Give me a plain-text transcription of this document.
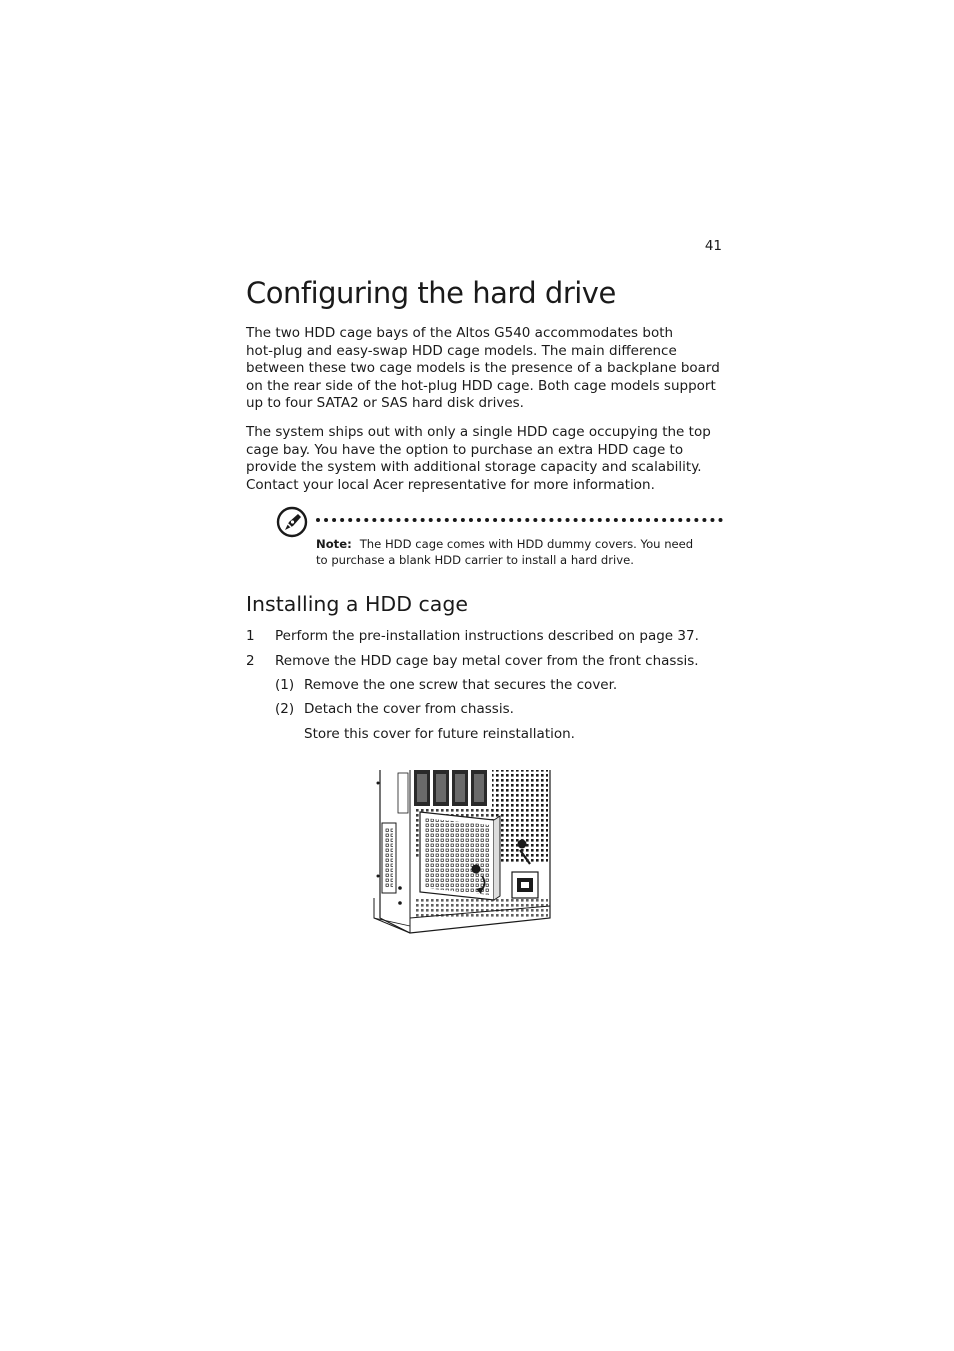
41
Configuring the hard drive

The two HDD cage bays of the Altos G540 accommodates both
hot-plug and easy-swap HDD cage models. The main difference
between these two cage models is the presence of a backplane board
on the rear side of the hot-plug HDD cage. Both cage models support
up to four SATA2 or SAS hard disk drives.

The system ships out with only a single HDD cage occupying the top
cage bay. You have the option to purchase an extra HDD cage to
provide the system with additional storage capacity and scalability.
Contact your local Acer representative for more information.

Note: The HDD cage comes with HDD dummy covers. You need
to purchase a blank HDD carrier to install a hard drive.

Installing a HDD cage

1 Perform the pre-installation instructions described on page 37.

2 Remove the HDD cage bay metal cover from the front chassis.

(1) Remove the one screw that secures the cover.

(2) Detach the cover from chassis.

Store this cover for future reinstallation.
